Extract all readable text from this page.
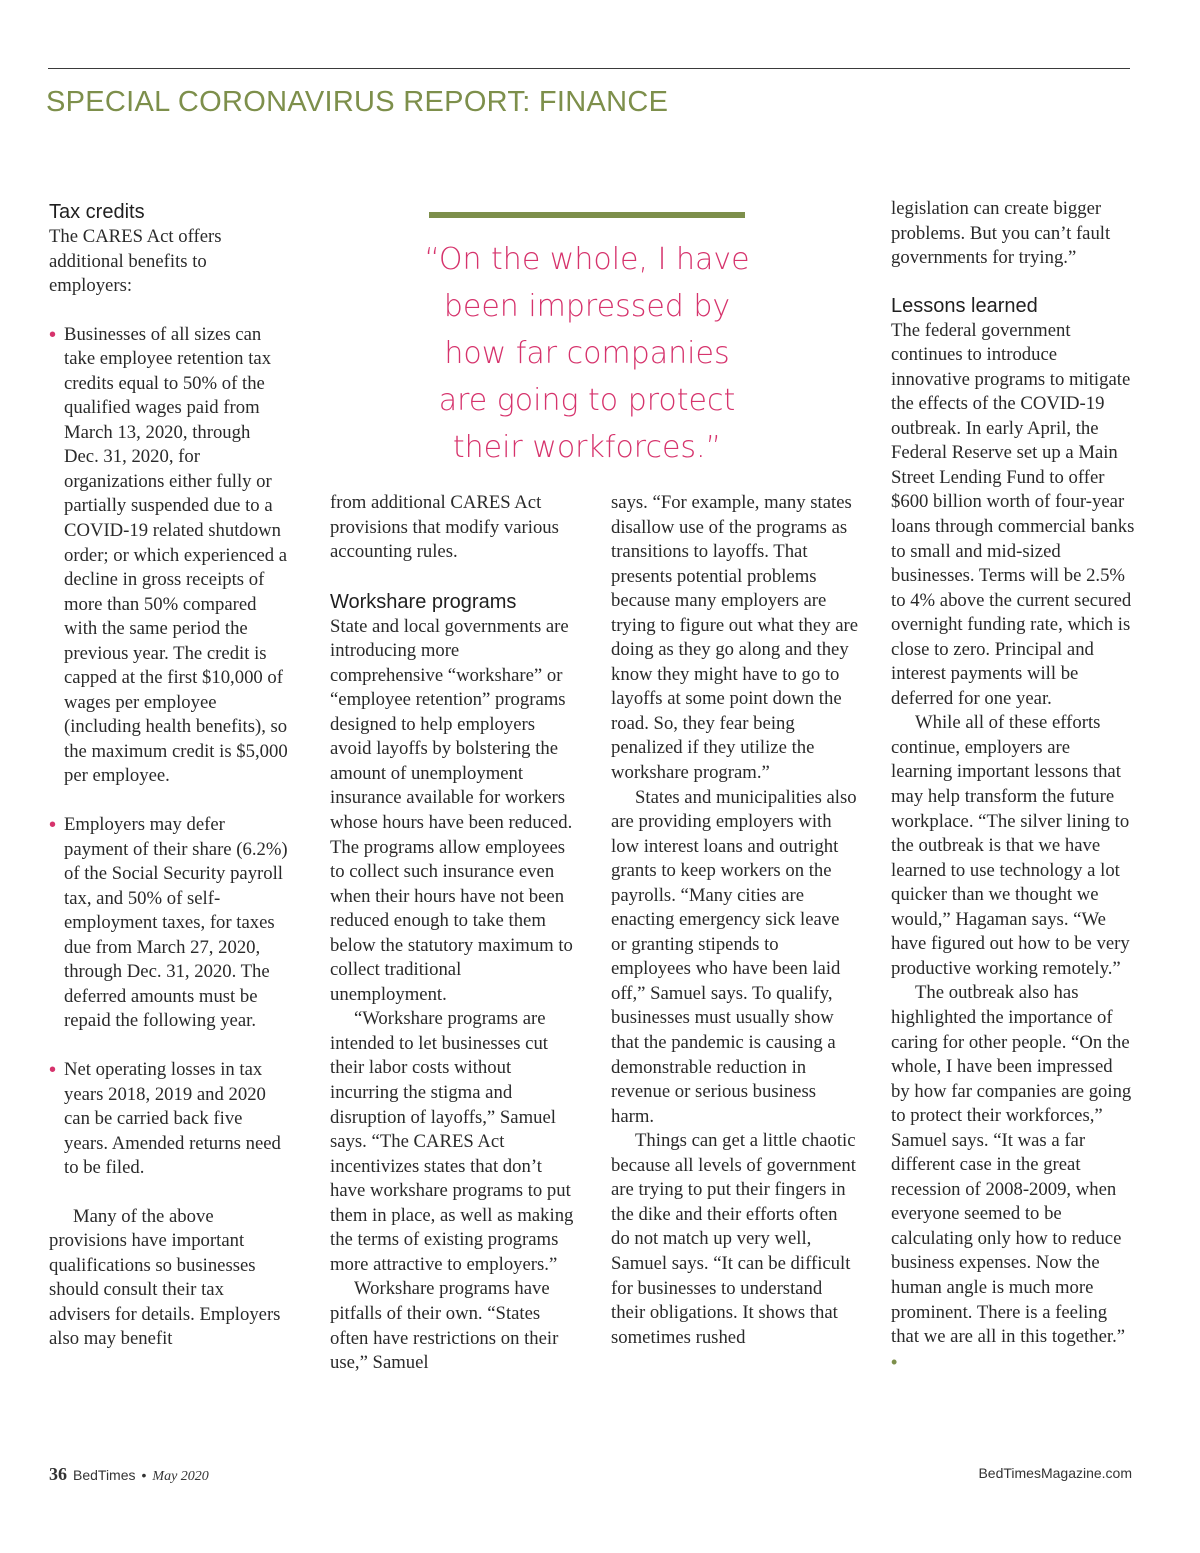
SPECIAL CORONAVIRUS REPORT: FINANCE
Tax credits

The CARES Act offers additional benefits to employers:

• Businesses of all sizes can take employee retention tax credits equal to 50% of the qualified wages paid from March 13, 2020, through Dec. 31, 2020, for organizations either fully or partially suspended due to a COVID-19 related shutdown order; or which experienced a decline in gross receipts of more than 50% compared with the same period the previous year. The credit is capped at the first $10,000 of wages per employee (including health benefits), so the maximum credit is $5,000 per employee.
• Employers may defer payment of their share (6.2%) of the Social Security payroll tax, and 50% of self-employment taxes, for taxes due from March 27, 2020, through Dec. 31, 2020. The deferred amounts must be repaid the following year.
• Net operating losses in tax years 2018, 2019 and 2020 can be carried back five years. Amended returns need to be filed.

Many of the above provisions have important qualifications so businesses should consult their tax advisers for details. Employers also may benefit

“On the whole, I have
been impressed by
how far companies
are going to protect
their workforces.”

from additional CARES Act provisions that modify various accounting rules.

Workshare programs

State and local governments are introducing more comprehensive “workshare” or “employee retention” programs designed to help employers avoid layoffs by bolstering the amount of unemployment insurance available for workers whose hours have been reduced. The programs allow employees to collect such insurance even when their hours have not been reduced enough to take them below the statutory maximum to collect traditional unemployment.

“Workshare programs are intended to let businesses cut their labor costs without incurring the stigma and disruption of layoffs,” Samuel says. “The CARES Act incentivizes states that don’t have workshare programs to put them in place, as well as making the terms of existing programs more attractive to employers.”

Workshare programs have pitfalls of their own. “States often have restrictions on their use,” Samuel

says. “For example, many states disallow use of the programs as transitions to layoffs. That presents potential problems because many employers are trying to figure out what they are doing as they go along and they know they might have to go to layoffs at some point down the road. So, they fear being penalized if they utilize the workshare program.”

States and municipalities also are providing employers with low interest loans and outright grants to keep workers on the payrolls. “Many cities are enacting emergency sick leave or granting stipends to employees who have been laid off,” Samuel says. To qualify, businesses must usually show that the pandemic is causing a demonstrable reduction in revenue or serious business harm.

Things can get a little chaotic because all levels of government are trying to put their fingers in the dike and their efforts often do not match up very well, Samuel says. “It can be difficult for businesses to understand their obligations. It shows that sometimes rushed

legislation can create bigger problems. But you can’t fault governments for trying.”

Lessons learned

The federal government continues to introduce innovative programs to mitigate the effects of the COVID-19 outbreak. In early April, the Federal Reserve set up a Main Street Lending Fund to offer $600 billion worth of four-year loans through commercial banks to small and mid-sized businesses. Terms will be 2.5% to 4% above the current secured overnight funding rate, which is close to zero. Principal and interest payments will be deferred for one year.

While all of these efforts continue, employers are learning important lessons that may help transform the future workplace. “The silver lining to the outbreak is that we have learned to use technology a lot quicker than we thought we would,” Hagaman says. “We have figured out how to be very productive working remotely.”

The outbreak also has highlighted the importance of caring for other people. “On the whole, I have been impressed by how far companies are going to protect their workforces,” Samuel says. “It was a far different case in the great recession of 2008-2009, when everyone seemed to be calculating only how to reduce business expenses. Now the human angle is much more prominent. There is a feeling that we are all in this together.” •

36 BedTimes • May 2020	BedTimesMagazine.com
